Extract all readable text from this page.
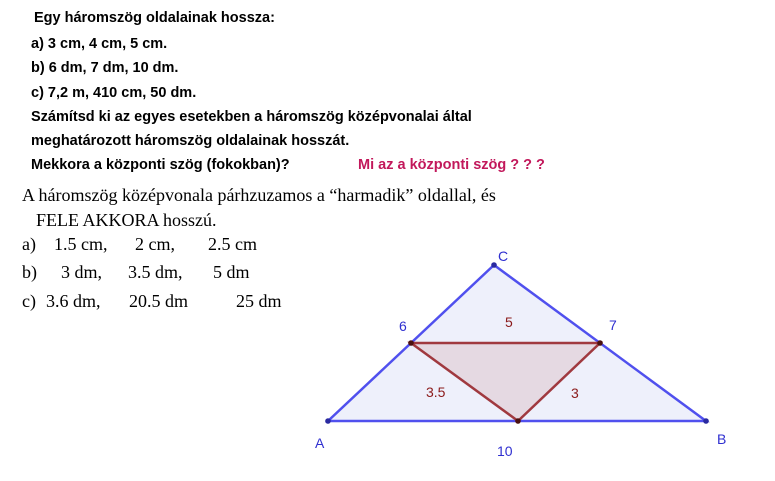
Egy háromszög oldalainak hossza:
a) 3 cm, 4 cm, 5 cm.
b) 6 dm, 7 dm, 10 dm.
c) 7,2 m, 410 cm, 50 dm.
Számítsd ki az egyes esetekben a háromszög középvonalai által
meghatározott háromszög oldalainak hosszát.
Mekkora a központi szög (fokokban)?	Mi az a központi szög ? ? ?
A háromszög középvonala párhzuzamos a “harmadik” oldallal, és
FELE AKKORA hosszú.
a) 1.5 cm, 2 cm, 2.5 cm
b) 3 dm, 3.5 dm, 5 dm
c) 3.6 dm, 20.5 dm	25 dm
A	B
C
6	7
10
5
3.5	3
